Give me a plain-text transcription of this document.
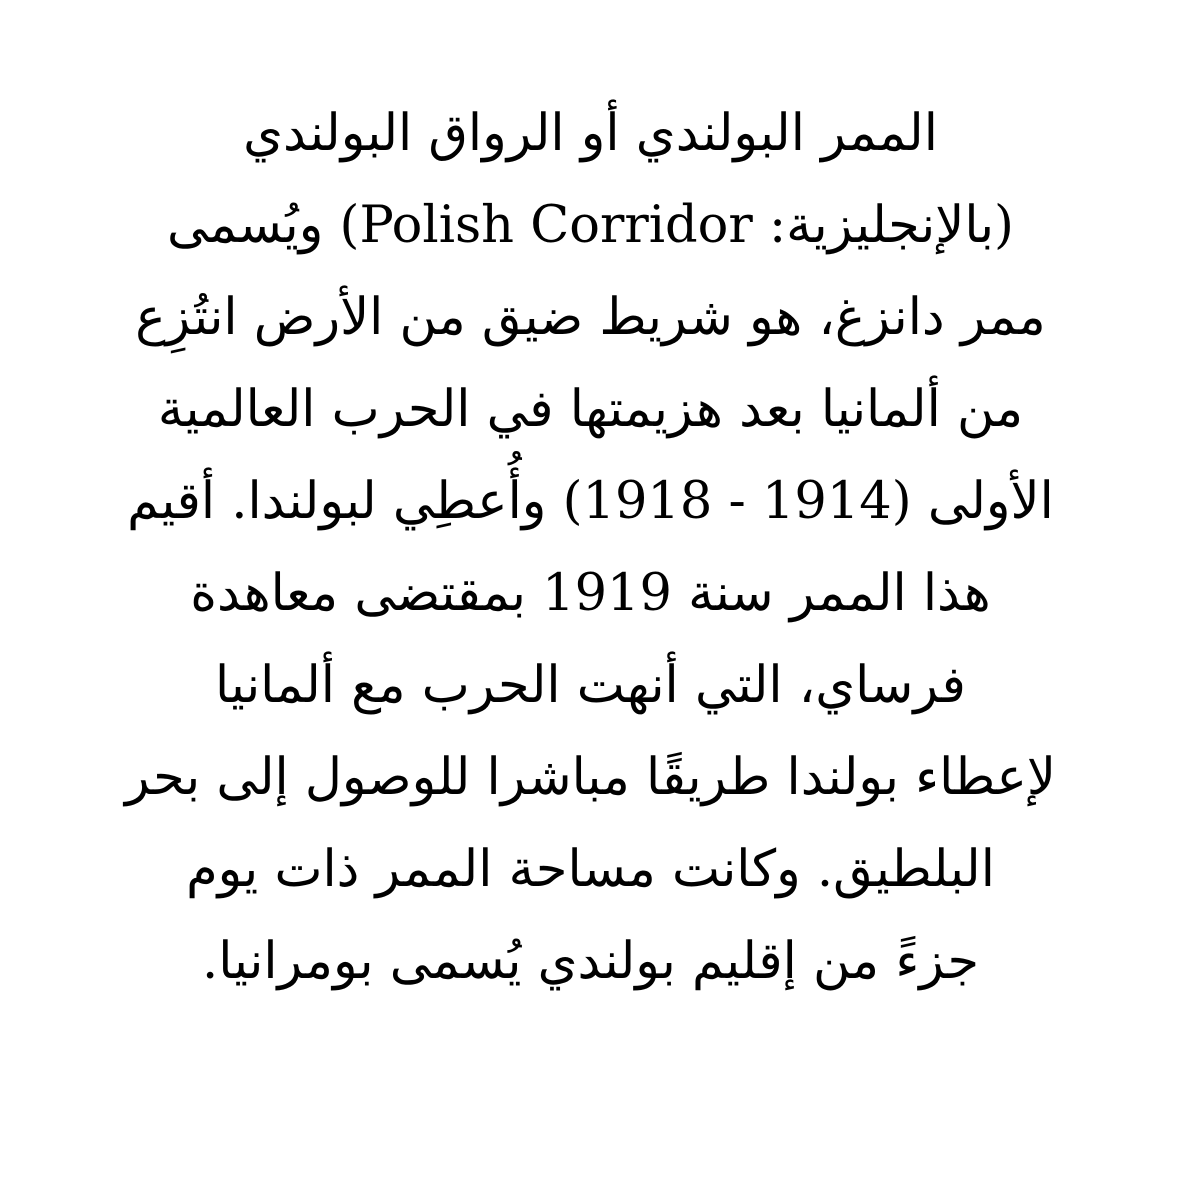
الممر البولندي أو الرواق البولندي
(بالإنجليزية: Polish Corridor) ويُسمى
ممر دانزغ، هو شريط ضيق من الأرض انتُزِع
من ألمانيا بعد هزيمتها في الحرب العالمية
الأولى (1914 - 1918) وأُعطِي لبولندا. أقيم
هذا الممر سنة 1919 بمقتضى معاهدة
فرساي، التي أنهت الحرب مع ألمانيا
لإعطاء بولندا طريقًا مباشرا للوصول إلى بحر
البلطيق. وكانت مساحة الممر ذات يوم
جزءً من إقليم بولندي يُسمى بومرانيا.
